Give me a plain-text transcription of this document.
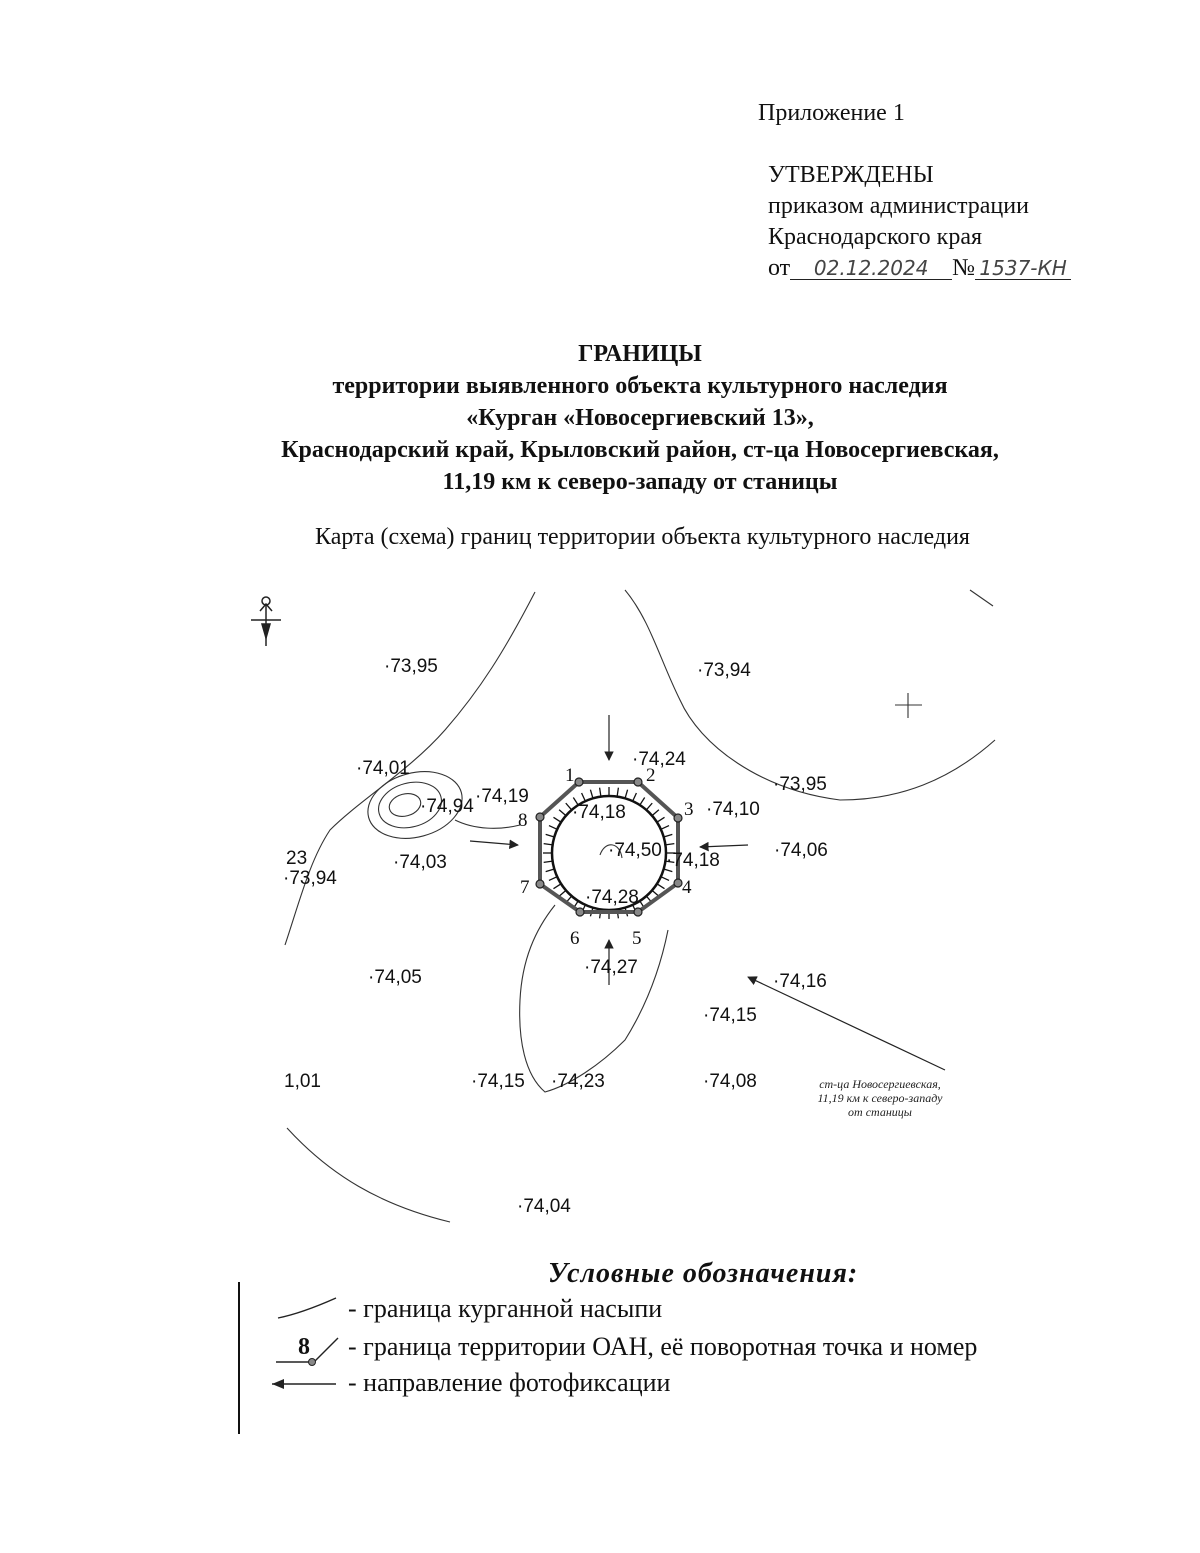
Приложение 1
УТВЕРЖДЕНЫ
приказом администрации
Краснодарского края
от 02.12.2024 № 1537-КН
ГРАНИЦЫ
территории выявленного объекта культурного наследия
«Курган «Новосергиевский 13»,
Краснодарский край, Крыловский район, ст-ца Новосергиевская,
11,19 км к северо-западу от станицы
Карта (схема) границ территории объекта культурного наследия
·73,95	·73,94
·73,95
·74,24
·74,01
·74,94 ·74,19
·74,18	·74,10
·74,50 ·74,18	·74,06
23
·73,94
·74,03
·74,28
·74,27
·74,05	·74,16
·74,15
1,01	·74,15 ·74,23	·74,08
·74,04
1	2
3
4
5
6
7
8
ст-ца Новосергиевская,
11,19 км к северо-западу
от станицы
Условные обозначения:
- граница курганной насыпи
8 - граница территории ОАН, её поворотная точка и номер
- направление фотофиксации
